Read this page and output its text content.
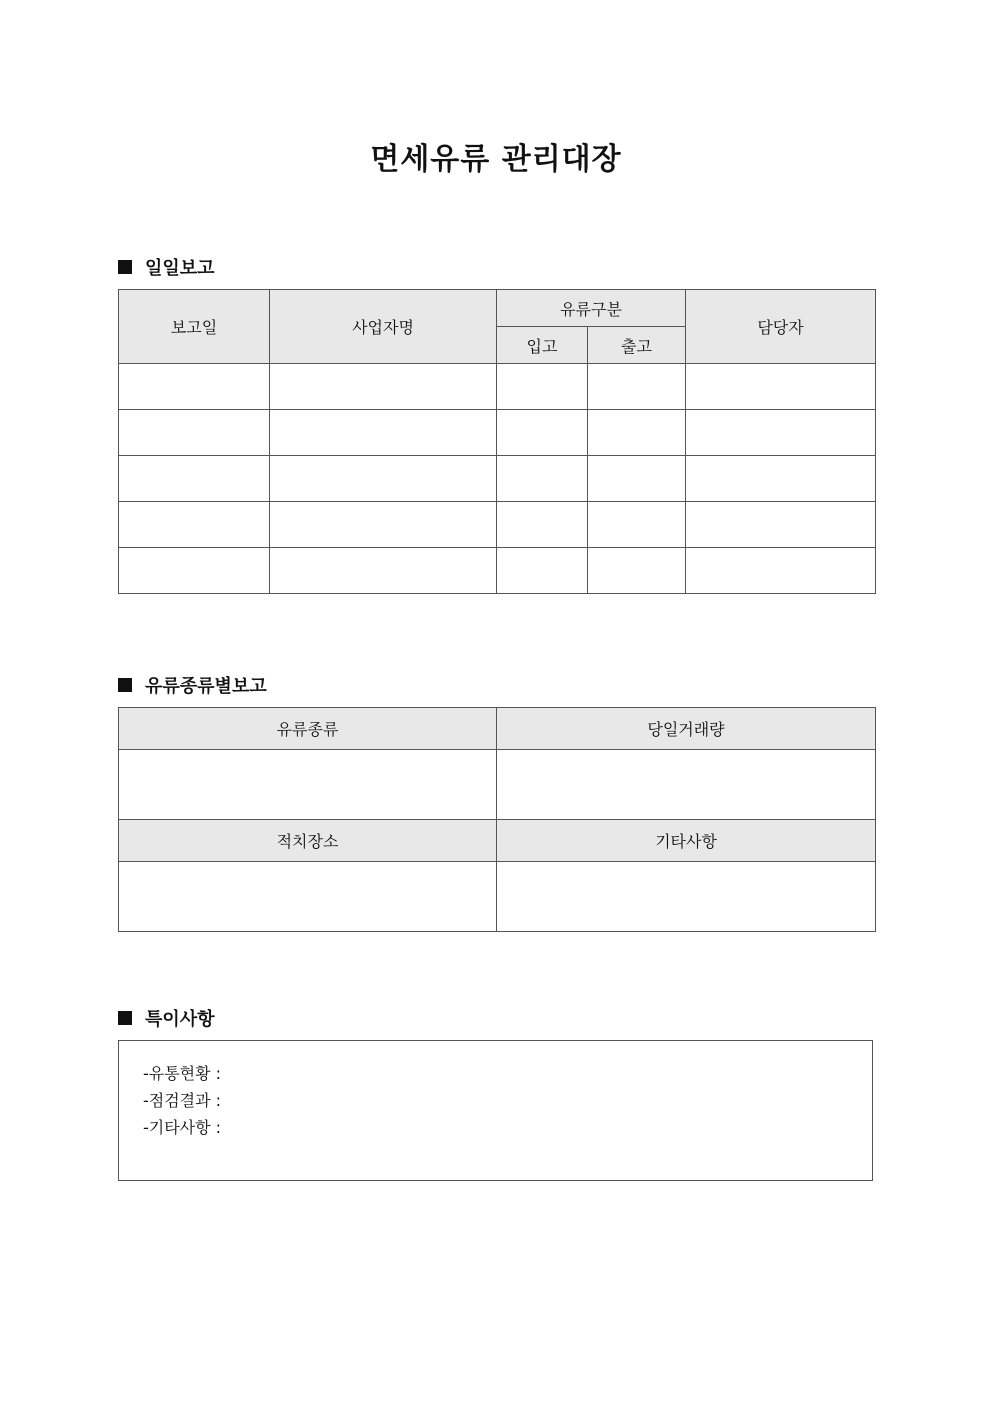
면세유류 관리대장
일일보고
보고일	사업자명	유류구분		담당자
		입고	출고	

유류종류별보고
유류종류	당일거래량

적치장소	기타사항

특이사항

-유통현황 :

-점검결과 :

-기타사항 :
